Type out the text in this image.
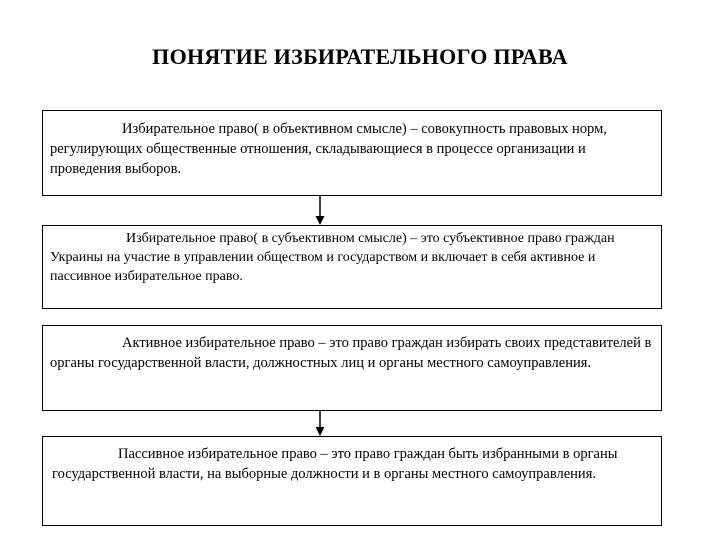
ПОНЯТИЕ ИЗБИРАТЕЛЬНОГО ПРАВА

Избирательное право( в объективном смысле) – совокупность правовых норм, регулирующих общественные отношения, складывающиеся в процессе организации и проведения выборов.

Избирательное право( в субъективном смысле) – это субъективное право граждан Украины на участие в управлении обществом и государством и включает в себя активное и пассивное избирательное право.

Активное избирательное право – это право граждан избирать своих представителей в органы государственной власти, должностных лиц и органы местного самоуправления.

Пассивное избирательное право – это право граждан быть избранными в органы государственной власти, на выборные должности и в органы местного самоуправления.
